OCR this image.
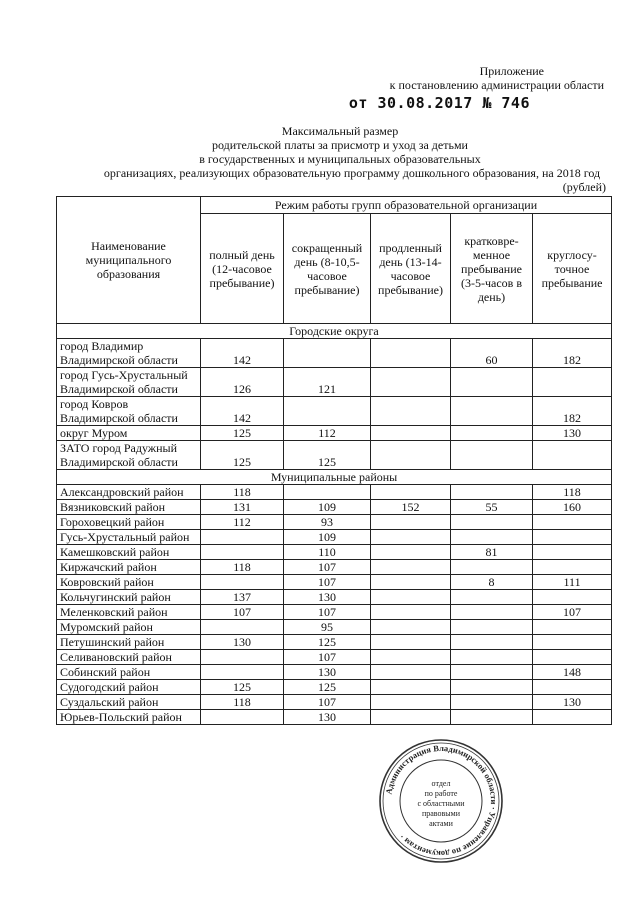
Приложение
к постановлению администрации области
от 30.08.2017 № 746
Максимальный размер
родительской платы за присмотр и уход за детьми
в государственных и муниципальных образовательных
организациях, реализующих образовательную программу дошкольного образования, на 2018 год
(рублей)
Наименование муниципального образования	Режим работы групп образовательной организации				
	полный день (12-часовое пребывание)	сокращенный день (8-10,5-часовое пребывание)	продленный день (13-14-часовое пребывание)	кратковре-менное пребывание (3-5-часов в день)	круглосу-точное пребывание
Городские округа					
город Владимир Владимирской области	142			60	182
город Гусь-Хрустальный Владимирской области	126	121			
город Ковров Владимирской области	142				182
округ Муром	125	112			130
ЗАТО город Радужный Владимирской области	125	125			
Муниципальные районы					
Александровский район	118				118
Вязниковский район	131	109	152	55	160
Гороховецкий район	112	93			
Гусь-Хрустальный район		109			
Камешковский район		110		81	
Киржачский район	118	107			
Ковровский район		107		8	111
Кольчугинский район	137	130			
Меленковский район	107	107			107
Муромский район		95			
Петушинский район	130	125			
Селивановский район		107			
Собинский район		130			148
Судогодский район	125	125			
Суздальский район	118	107			130
Юрьев-Польский район		130			
Администрация Владимирской области · Управление по документам ·
отдел
по работе
с областными
правовыми
актами
